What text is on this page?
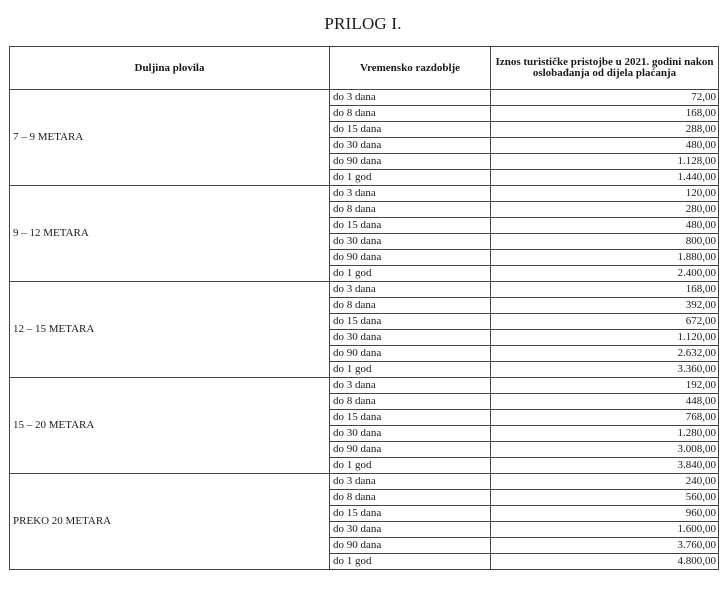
PRILOG I.
Duljina plovila	Vremensko razdoblje	Iznos turističke pristojbe u 2021. godini nakon oslobađanja od dijela plaćanja
7 – 9 METARA	do 3 dana	72,00
	do 8 dana	168,00
	do 15 dana	288,00
	do 30 dana	480,00
	do 90 dana	1.128,00
	do 1 god	1.440,00
9 – 12 METARA	do 3 dana	120,00
	do 8 dana	280,00
	do 15 dana	480,00
	do 30 dana	800,00
	do 90 dana	1.880,00
	do 1 god	2.400,00
12 – 15 METARA	do 3 dana	168,00
	do 8 dana	392,00
	do 15 dana	672,00
	do 30 dana	1.120,00
	do 90 dana	2.632,00
	do 1 god	3.360,00
15 – 20 METARA	do 3 dana	192,00
	do 8 dana	448,00
	do 15 dana	768,00
	do 30 dana	1.280,00
	do 90 dana	3.008,00
	do 1 god	3.840,00
PREKO 20 METARA	do 3 dana	240,00
	do 8 dana	560,00
	do 15 dana	960,00
	do 30 dana	1.600,00
	do 90 dana	3.760,00
	do 1 god	4.800,00
